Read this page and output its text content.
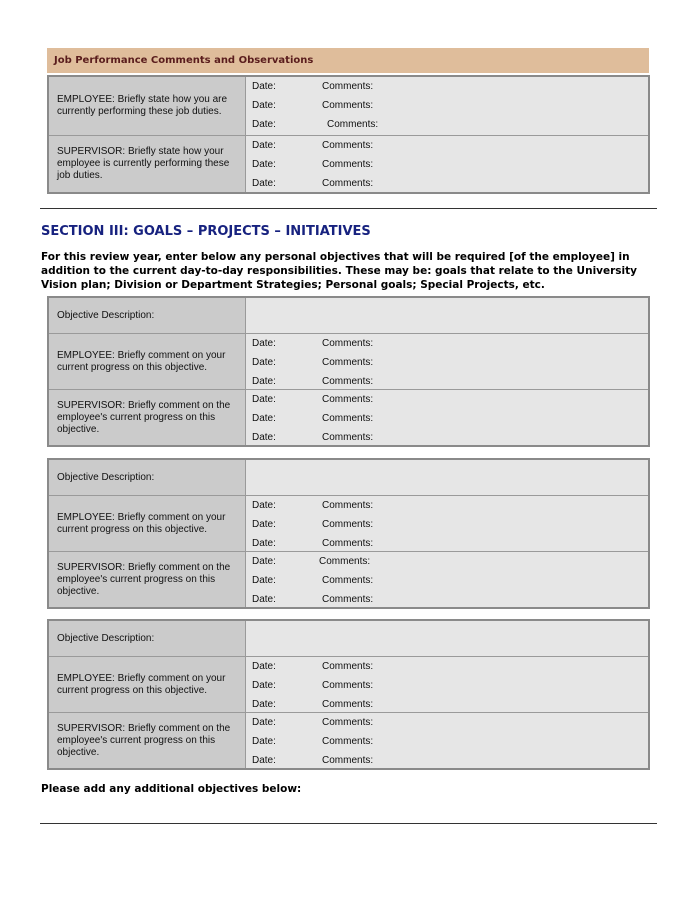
Job Performance Comments and Observations
EMPLOYEE: Briefly state how you are currently performing these job duties.
Date:	Comments:
Date:	Comments:
Date:	Comments:
SUPERVISOR: Briefly state how your employee is currently performing these job duties.
Date:	Comments:
Date:	Comments:
Date:	Comments:
SECTION III: GOALS – PROJECTS – INITIATIVES

For this review year, enter below any personal objectives that will be required [of the employee] in addition to the current day-to-day responsibilities. These may be: goals that relate to the University Vision plan; Division or Department Strategies; Personal goals; Special Projects, etc.

Objective Description:
EMPLOYEE: Briefly comment on your current progress on this objective.
Date:	Comments:
Date:	Comments:
Date:	Comments:
SUPERVISOR: Briefly comment on the employee's current progress on this objective.
Date:	Comments:
Date:	Comments:
Date:	Comments:
Objective Description:
EMPLOYEE: Briefly comment on your current progress on this objective.
Date:	Comments:
Date:	Comments:
Date:	Comments:
SUPERVISOR: Briefly comment on the employee's current progress on this objective.
Date:	Comments:
Date:	Comments:
Date:	Comments:
Objective Description:
EMPLOYEE: Briefly comment on your current progress on this objective.
Date:	Comments:
Date:	Comments:
Date:	Comments:
SUPERVISOR: Briefly comment on the employee's current progress on this objective.
Date:	Comments:
Date:	Comments:
Date:	Comments:

Please add any additional objectives below:
